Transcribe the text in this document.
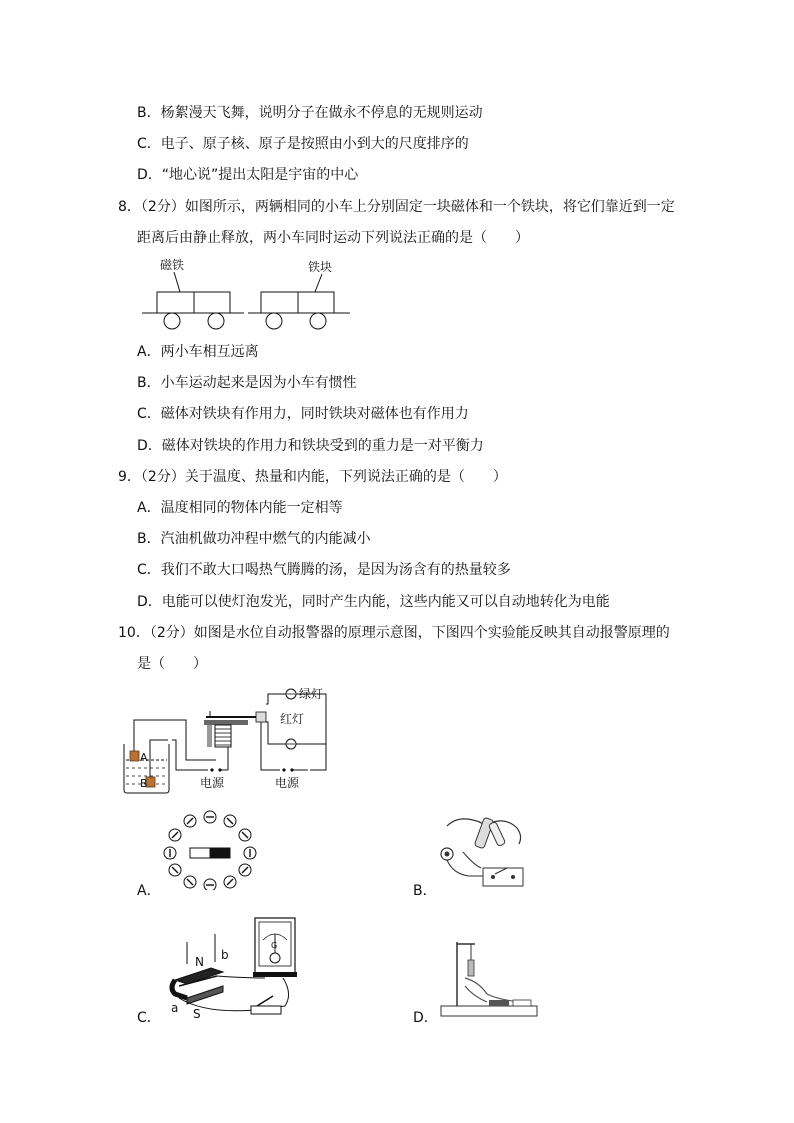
B．杨絮漫天飞舞，说明分子在做永不停息的无规则运动
C．电子、原子核、原子是按照由小到大的尺度排序的
D．“地心说”提出太阳是宇宙的中心
8．（2分）如图所示，两辆相同的小车上分别固定一块磁体和一个铁块，将它们靠近到一定
距离后由静止释放，两小车同时运动下列说法正确的是（　　）
磁铁	铁块
A．两小车相互远离
B．小车运动起来是因为小车有惯性
C．磁体对铁块有作用力，同时铁块对磁体也有作用力
D．磁体对铁块的作用力和铁块受到的重力是一对平衡力
9．（2分）关于温度、热量和内能，下列说法正确的是（　　）
A．温度相同的物体内能一定相等
B．汽油机做功冲程中燃气的内能减小
C．我们不敢大口喝热气腾腾的汤，是因为汤含有的热量较多
D．电能可以使灯泡发光，同时产生内能，这些内能又可以自动地转化为电能
10．（2分）如图是水位自动报警器的原理示意图，下图四个实验能反映其自动报警原理的
是（　　）
A
B	电源
绿灯
红灯
电源
A．	B．
C．
G
N b
a S	D．
